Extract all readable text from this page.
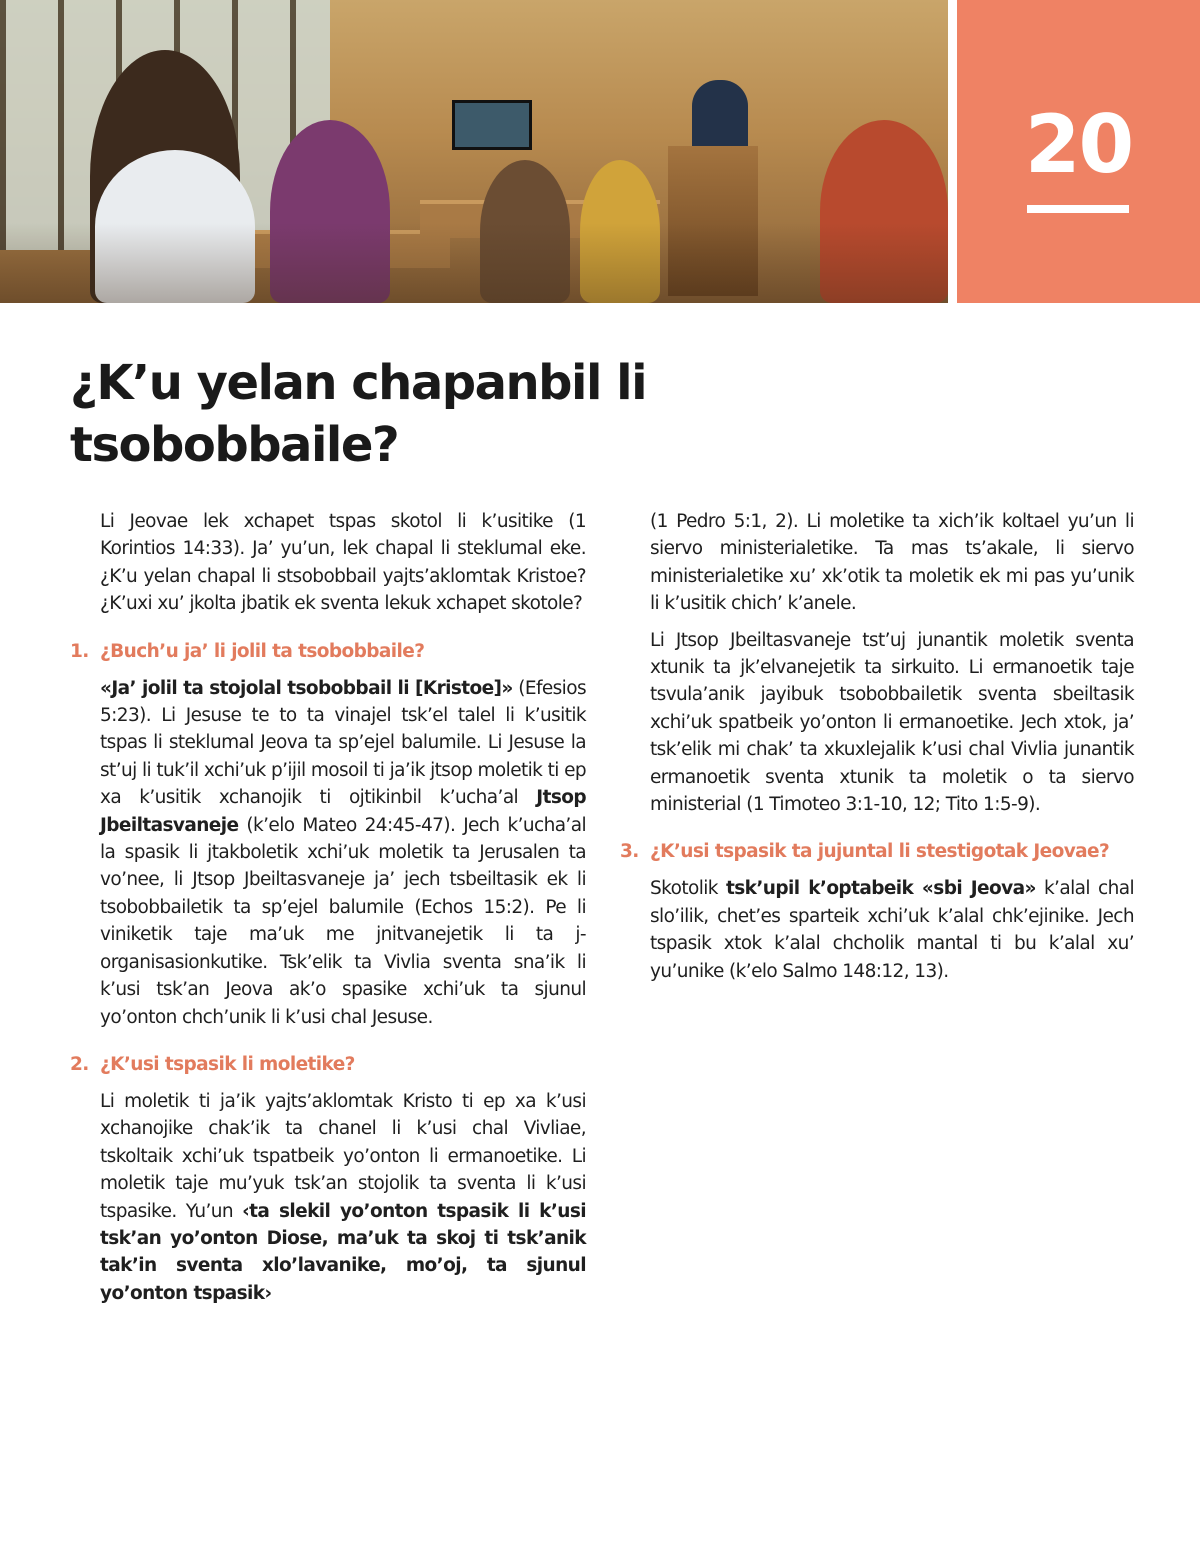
20
¿K’u yelan chapanbil li tsobobbaile?

Li Jeovae lek xchapet tspas skotol li k’usitike (1 Korintios 14:33). Ja’ yu’un, lek chapal li steklumal eke. ¿K’u yelan chapal li stsobobbail yajts’aklomtak Kristoe? ¿K’uxi xu’ jkolta jbatik ek sventa lekuk xchapet skotole?

1. ¿Buch’u ja’ li jolil ta tsobobbaile?

«Ja’ jolil ta stojolal tsobobbail li [Kristoe]» (Efesios 5:23). Li Jesuse te to ta vinajel tsk’el talel li k’usitik tspas li steklumal Jeova ta sp’ejel balumile. Li Jesuse la st’uj li tuk’il xchi’uk p’ijil mosoil ti ja’ik jtsop moletik ti ep xa k’usitik xchanojik ti ojtikinbil k’ucha’al Jtsop Jbeiltasvaneje (k’elo Mateo 24:45-47). Jech k’ucha’al la spasik li jtakboletik xchi’uk moletik ta Jerusalen ta vo’nee, li Jtsop Jbeiltasvaneje ja’ jech tsbeiltasik ek li tsobobbailetik ta sp’ejel balumile (Echos 15:2). Pe li viniketik taje ma’uk me jnitvanejetik li ta j-organisasionkutike. Tsk’elik ta Vivlia sventa sna’ik li k’usi tsk’an Jeova ak’o spasike xchi’uk ta sjunul yo’onton chch’unik li k’usi chal Jesuse.

2. ¿K’usi tspasik li moletike?

Li moletik ti ja’ik yajts’aklomtak Kristo ti ep xa k’usi xchanojike chak’ik ta chanel li k’usi chal Vivliae, tskoltaik xchi’uk tspatbeik yo’onton li ermanoetike. Li moletik taje mu’yuk tsk’an stojolik ta sventa li k’usi tspasike. Yu’un ‹ta slekil yo’onton tspasik li k’usi tsk’an yo’onton Diose, ma’uk ta skoj ti tsk’anik tak’in sventa xlo’lavanike, mo’oj, ta sjunul yo’onton tspasik›

(1 Pedro 5:1, 2). Li moletike ta xich’ik koltael yu’un li siervo ministerialetike. Ta mas ts’akale, li siervo ministerialetike xu’ xk’otik ta moletik ek mi pas yu’unik li k’usitik chich’ k’anele.

Li Jtsop Jbeiltasvaneje tst’uj junantik moletik sventa xtunik ta jk’elvanejetik ta sirkuito. Li ermanoetik taje tsvula’anik jayibuk tsobobbailetik sventa sbeiltasik xchi’uk spatbeik yo’onton li ermanoetike. Jech xtok, ja’ tsk’elik mi chak’ ta xkuxlejalik k’usi chal Vivlia junantik ermanoetik sventa xtunik ta moletik o ta siervo ministerial (1 Timoteo 3:1-10, 12; Tito 1:5-9).

3. ¿K’usi tspasik ta jujuntal li stestigotak Jeovae?

Skotolik tsk’upil k’optabeik «sbi Jeova» k’alal chal slo’ilik, chet’es sparteik xchi’uk k’alal chk’ejinike. Jech tspasik xtok k’alal chcholik mantal ti bu k’alal xu’ yu’unike (k’elo Salmo 148:12, 13).
